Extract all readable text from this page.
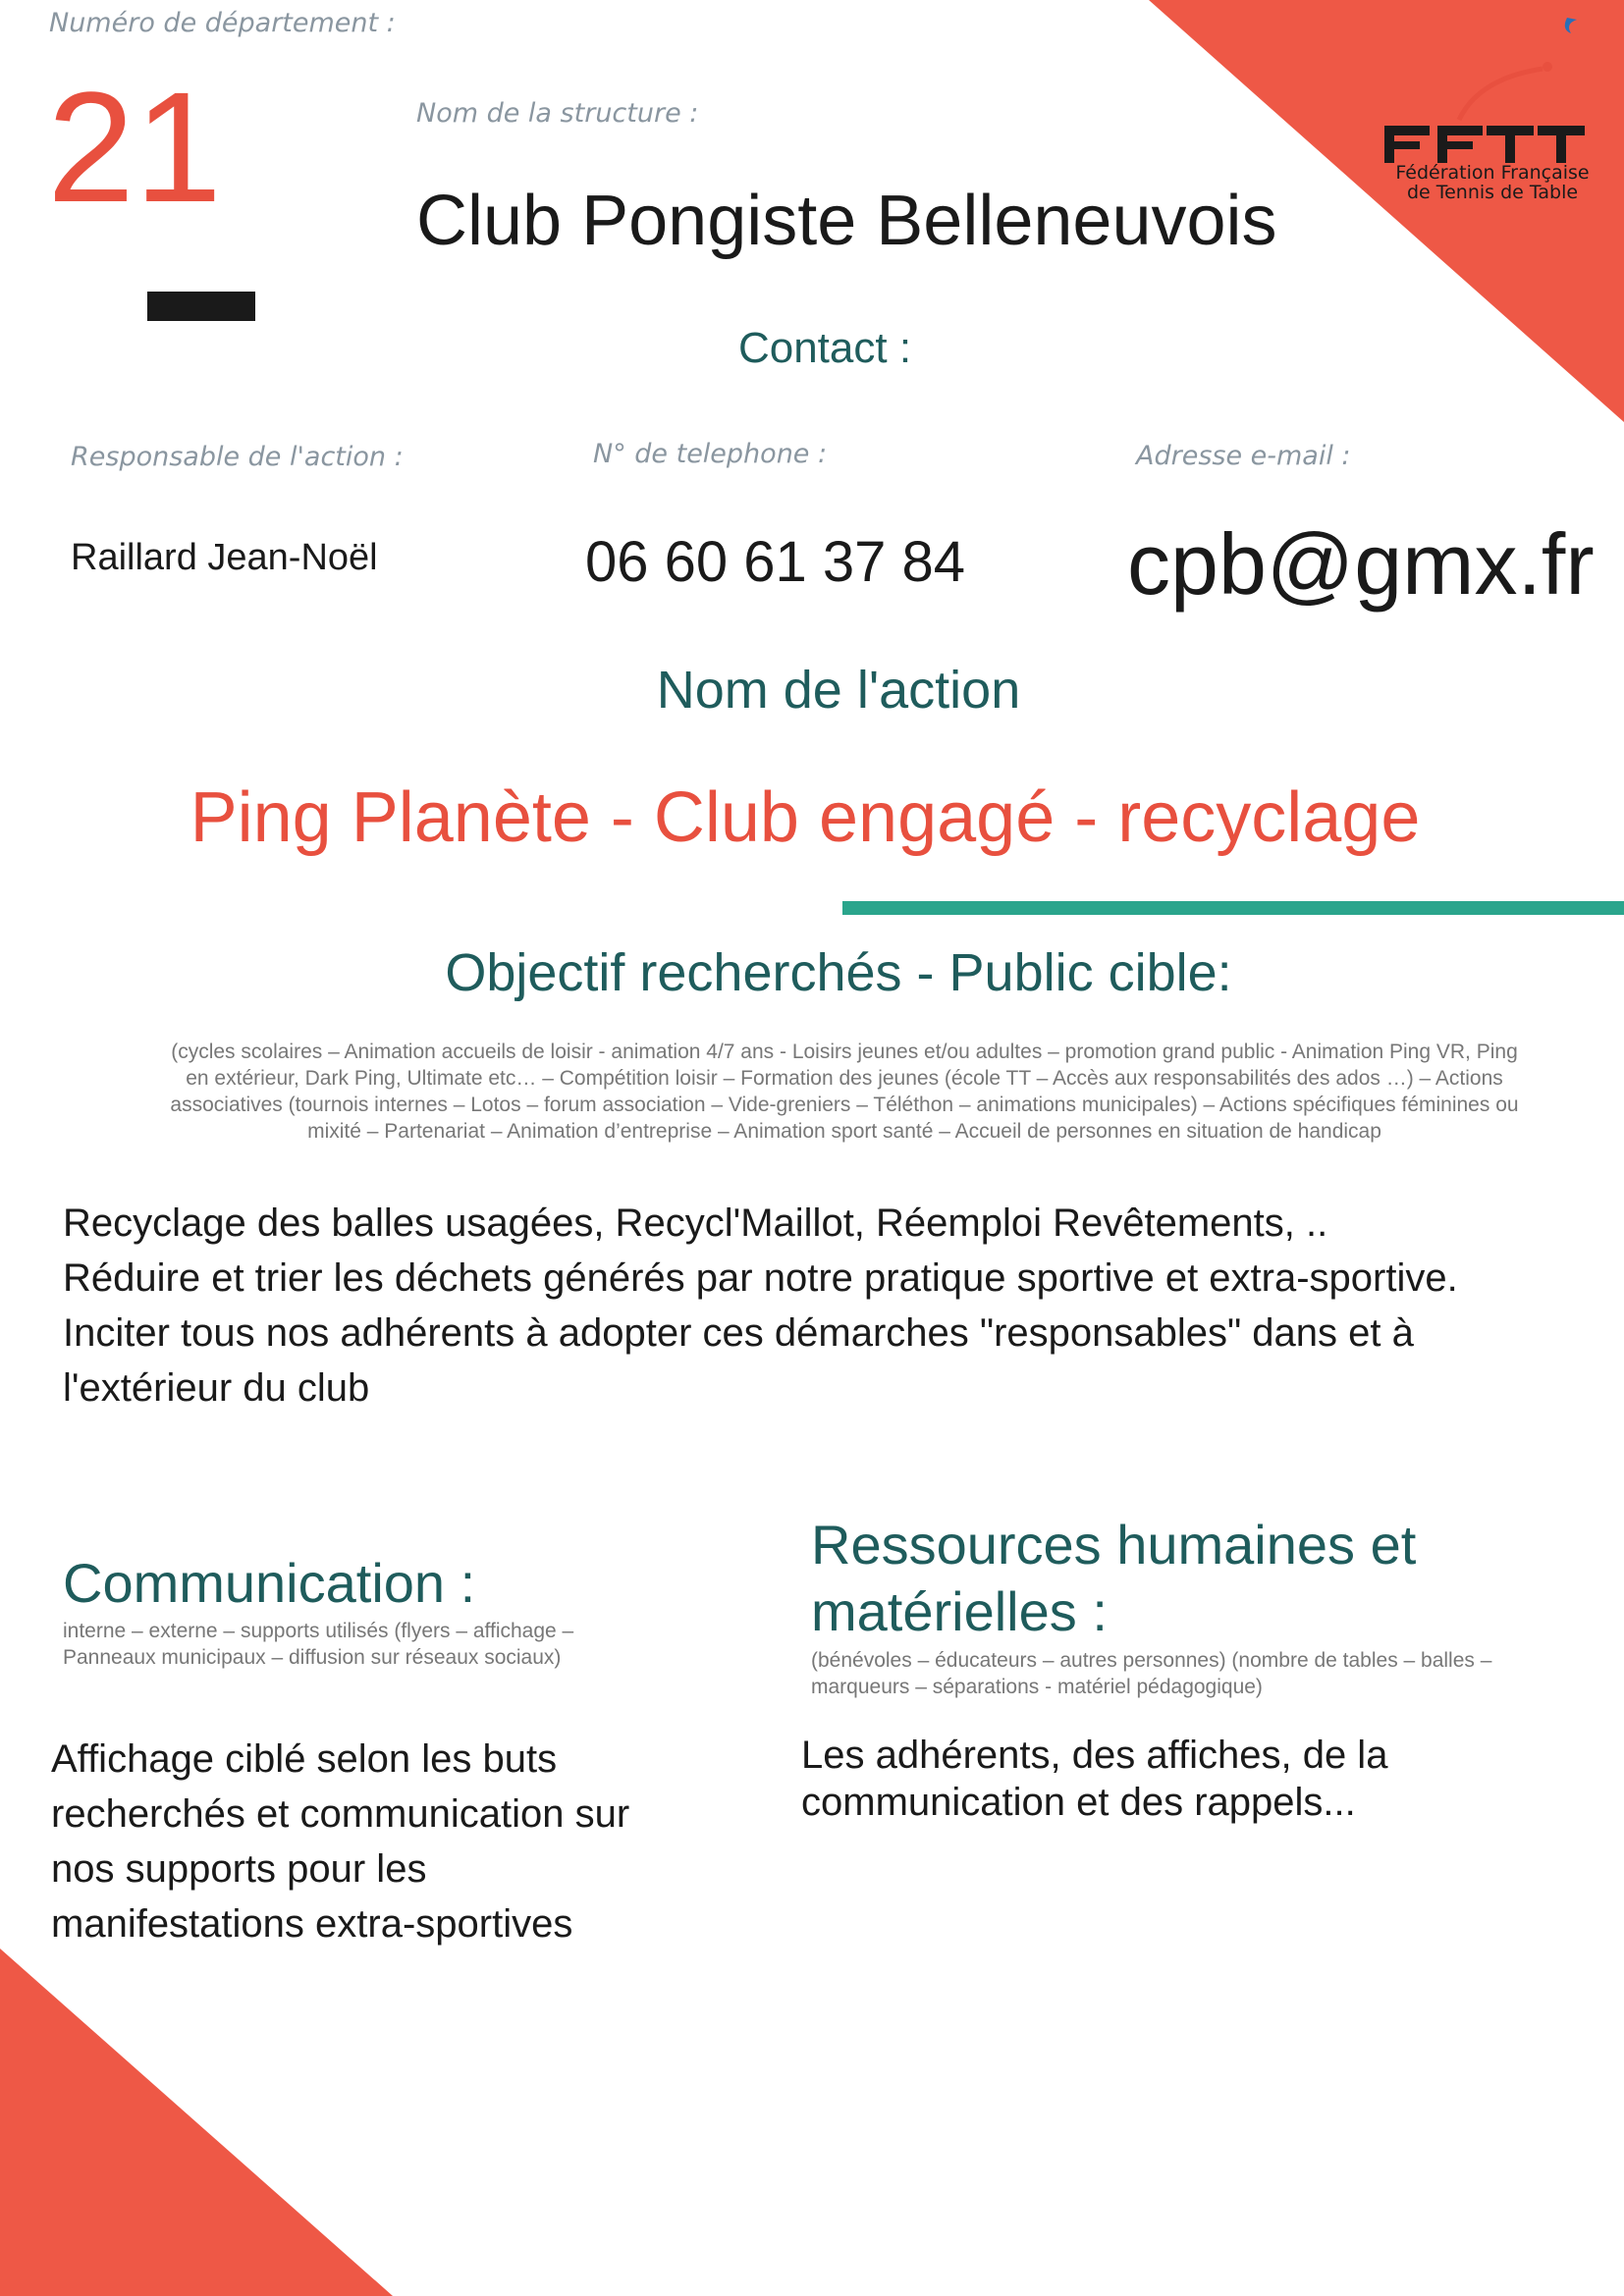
Fédération Française
de Tennis de Table
Numéro de département :
21	Nom de la structure :
Club Pongiste Belleneuvois
Contact :
Responsable de l'action :	N° de telephone :	Adresse e-mail :
Raillard Jean-Noël	06 60 61 37 84 cpb@gmx.fr
Nom de l'action
Ping Planète - Club engagé - recyclage
Objectif recherchés - Public cible:
(cycles scolaires – Animation accueils de loisir - animation 4/7 ans - Loisirs jeunes et/ou adultes – promotion grand public - Animation Ping VR, Ping en extérieur, Dark Ping, Ultimate etc… – Compétition loisir – Formation des jeunes (école TT – Accès aux responsabilités des ados …) – Actions associatives (tournois internes – Lotos – forum association – Vide-greniers – Téléthon – animations municipales) – Actions spécifiques féminines ou mixité – Partenariat – Animation d’entreprise – Animation sport santé – Accueil de personnes en situation de handicap
Recyclage des balles usagées, Recycl'Maillot, Réemploi Revêtements, ..
Réduire et trier les déchets générés par notre pratique sportive et extra-sportive.
Inciter tous nos adhérents à adopter ces démarches "responsables" dans et à
l'extérieur du club
Communication :
interne – externe – supports utilisés (flyers – affichage – Panneaux municipaux – diffusion sur réseaux sociaux)
Affichage ciblé selon les buts
recherchés et communication sur
nos supports pour les
manifestations extra-sportives
Ressources humaines et
matérielles :
(bénévoles – éducateurs – autres personnes) (nombre de tables – balles – marqueurs – séparations - matériel pédagogique)
Les adhérents, des affiches, de la
communication et des rappels...
